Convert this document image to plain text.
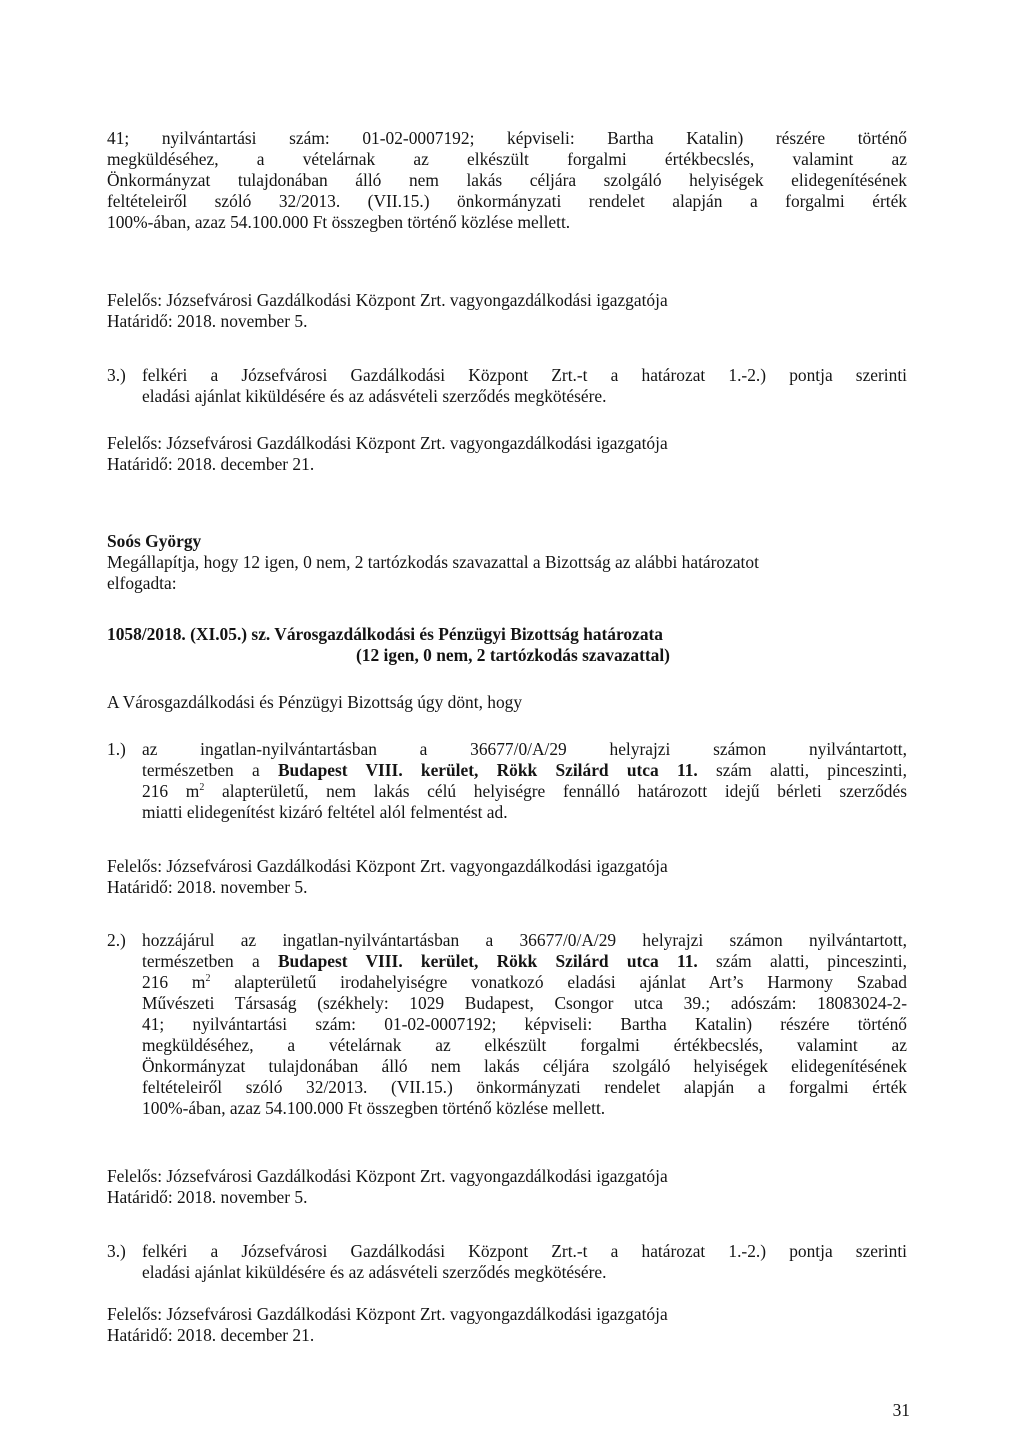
41; nyilvántartási szám: 01-02-0007192; képviseli: Bartha Katalin) részére történő
megküldéséhez, a vételárnak az elkészült forgalmi értékbecslés, valamint az
Önkormányzat tulajdonában álló nem lakás céljára szolgáló helyiségek elidegenítésének
feltételeiről szóló 32/2013. (VII.15.) önkormányzati rendelet alapján a forgalmi érték
100%-ában, azaz 54.100.000 Ft összegben történő közlése mellett.
Felelős: Józsefvárosi Gazdálkodási Központ Zrt. vagyongazdálkodási igazgatója
Határidő: 2018. november 5.
3.) felkéri a Józsefvárosi Gazdálkodási Központ Zrt.-t a határozat 1.-2.) pontja szerinti
eladási ajánlat kiküldésére és az adásvételi szerződés megkötésére.
Felelős: Józsefvárosi Gazdálkodási Központ Zrt. vagyongazdálkodási igazgatója
Határidő: 2018. december 21.
Soós György
Megállapítja, hogy 12 igen, 0 nem, 2 tartózkodás szavazattal a Bizottság az alábbi határozatot
elfogadta:
1058/2018. (XI.05.) sz. Városgazdálkodási és Pénzügyi Bizottság határozata
(12 igen, 0 nem, 2 tartózkodás szavazattal)
A Városgazdálkodási és Pénzügyi Bizottság úgy dönt, hogy
1.) az ingatlan-nyilvántartásban a 36677/0/A/29 helyrajzi számon nyilvántartott,
természetben a Budapest VIII. kerület, Rökk Szilárd utca 11. szám alatti, pinceszinti,
216 $m^2$ alapterületű, nem lakás célú helyiségre fennálló határozott idejű bérleti szerződés
miatti elidegenítést kizáró feltétel alól felmentést ad.
Felelős: Józsefvárosi Gazdálkodási Központ Zrt. vagyongazdálkodási igazgatója
Határidő: 2018. november 5.
2.) hozzájárul az ingatlan-nyilvántartásban a 36677/0/A/29 helyrajzi számon nyilvántartott,
természetben a Budapest VIII. kerület, Rökk Szilárd utca 11. szám alatti, pinceszinti,
216 $m^2$ alapterületű irodahelyiségre vonatkozó eladási ajánlat Art’s Harmony Szabad
Művészeti Társaság (székhely: 1029 Budapest, Csongor utca 39.; adószám: 18083024-2-
41; nyilvántartási szám: 01-02-0007192; képviseli: Bartha Katalin) részére történő
megküldéséhez, a vételárnak az elkészült forgalmi értékbecslés, valamint az
Önkormányzat tulajdonában álló nem lakás céljára szolgáló helyiségek elidegenítésének
feltételeiről szóló 32/2013. (VII.15.) önkormányzati rendelet alapján a forgalmi érték
100%-ában, azaz 54.100.000 Ft összegben történő közlése mellett.
Felelős: Józsefvárosi Gazdálkodási Központ Zrt. vagyongazdálkodási igazgatója
Határidő: 2018. november 5.
3.) felkéri a Józsefvárosi Gazdálkodási Központ Zrt.-t a határozat 1.-2.) pontja szerinti
eladási ajánlat kiküldésére és az adásvételi szerződés megkötésére.
Felelős: Józsefvárosi Gazdálkodási Központ Zrt. vagyongazdálkodási igazgatója
Határidő: 2018. december 21.
31
